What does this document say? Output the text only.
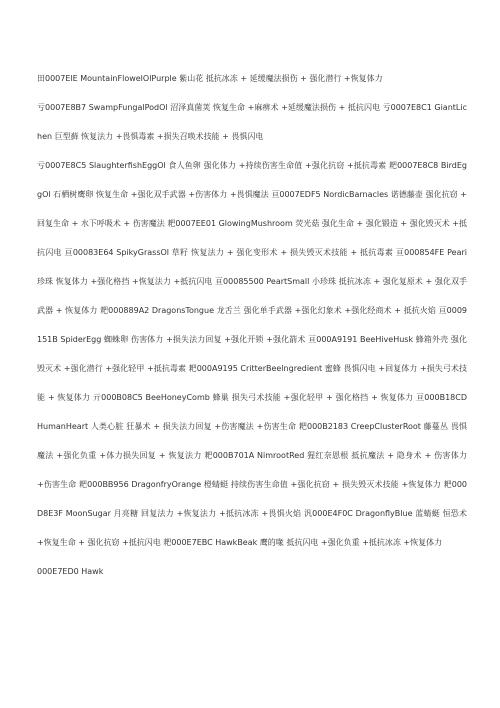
田0007ElE MountainFlowelOlPurple 紫山花 抵抗冰冻 + 延缓魔法损伤 + 强化潜行 +恢复体力
亏0007E8B7 SwampFungalPodOl 沼泽真菌荚 恢复生命 +麻痹术 +延缓魔法损伤 + 抵抗闪电 亏0007E8C1 GiantLichen 巨型藓 恢复法力 +畏惧毒素 +损失召唤术技能 + 畏惧闪电
亏0007E8C5 SlaughterfishEggOl 食人鱼卵 强化体力 +持续伤害生命值 +强化抗窃 +抵抗毒素 耙0007E8C8 BirdEggOl 石栖树鹰卵 恢复生命 +强化双手武器 +伤害体力 +畏惧魔法 亘0007EDF5 NordicBarnacles 诺德藤壶 强化抗窃 + 回复生命 + 水下呼吸术 + 伤害魔法 耙0007EE01 GlowingMushroom 荧光菇 强化生命 + 强化锻造 + 强化毁灭术 +抵抗闪电 亘00083E64 SpikyGrassOl 草籽 恢复法力 + 强化变形术 + 损失毁灭术技能 + 抵抗毒素 亘000854FE Peari 珍珠 恢复体力 +强化格挡 +恢复法力 +抵抗闪电 亘00085500 PeartSmall 小珍珠 抵抗冰冻 + 强化复原术 + 强化双手武器 + 恢复体力 耙000889A2 DragonsTongue 龙舌兰 强化单手武器 +强化幻象术 +强化经商术 + 抵抗火焰 亘0009151B SpiderEgg 蜘蛛卵 伤害体力 +损失法力回复 +强化开锁 +强化箭术 亘000A9191 BeeHiveHusk 蜂箱外壳 强化毁灭术 +强化潜行 +强化轻甲 +抵抗毒素 耙000A9195 CritterBeelngredient 蜜蜂 畏惧闪电 +回复体力 +损失弓术技能 + 恢复体力 亓000B08C5 BeeHoneyComb 蜂巢 损失弓术技能 +强化轻甲 + 强化格挡 + 恢复体力 亘000B18CD HumanHeart 人类心脏 狂暴术 + 损失法力回复 +伤害魔法 +伤害生命 耙000B2183 CreepClusterRoot 藤蔓丛 畏惧魔法 +强化负重 +体力损失回复 + 恢复法力 耙000B701A NimrootRed 猩红奈恩根 抵抗魔法 + 隐身术 + 伤害体力 +伤害生命 耙000BB956 DragonfryOrange 橙蜻蜓 持续伤害生命值 +强化抗窃 + 损失毁灭术技能 +恢复体力 耙000D8E3F MoonSugar 月亮糖 回复法力 +恢复法力 +抵抗冰冻 +畏惧火焰 汎000E4F0C DragonflyBlue 蓝蜻蜓 恒恐术 +恢复生命 + 强化抗窃 +抵抗闪电 耙000E7EBC HawkBeak 鹰的喙 抵抗闪电 +强化负重 +抵抗冰冻 +恢复体力
000E7ED0 Hawk
